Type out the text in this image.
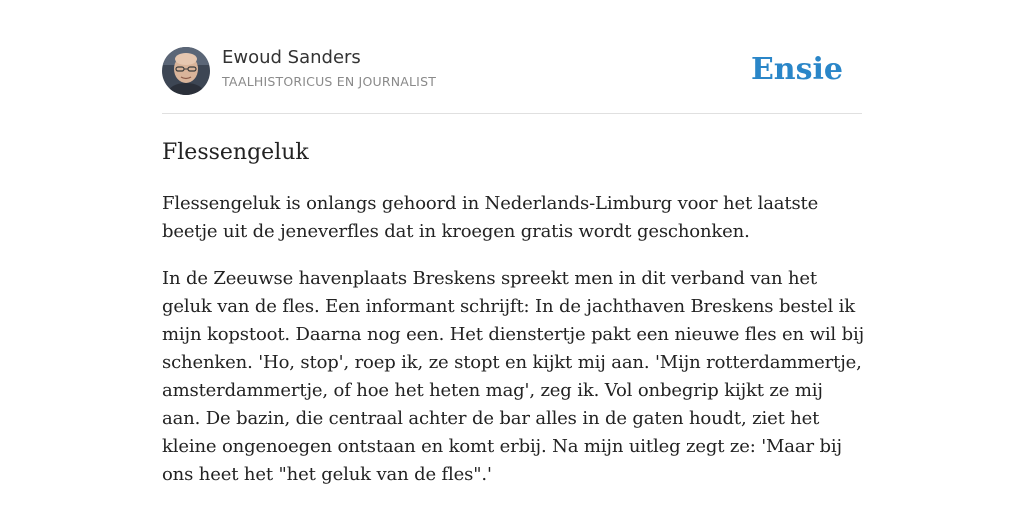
Ewoud Sanders
TAALHISTORICUS EN JOURNALIST	Ensie
Flessengeluk

Flessengeluk is onlangs gehoord in Nederlands-Limburg voor het laatste beetje uit de jeneverfles dat in kroegen gratis wordt geschonken.

In de Zeeuwse havenplaats Breskens spreekt men in dit verband van het geluk van de fles. Een informant schrijft: In de jachthaven Breskens bestel ik mijn kopstoot. Daarna nog een. Het dienstertje pakt een nieuwe fles en wil bij schenken. 'Ho, stop', roep ik, ze stopt en kijkt mij aan. 'Mijn rotterdammertje, amsterdammertje, of hoe het heten mag', zeg ik. Vol onbegrip kijkt ze mij aan. De bazin, die centraal achter de bar alles in de gaten houdt, ziet het kleine ongenoegen ontstaan en komt erbij. Na mijn uitleg zegt ze: 'Maar bij ons heet het "het geluk van de fles".'
